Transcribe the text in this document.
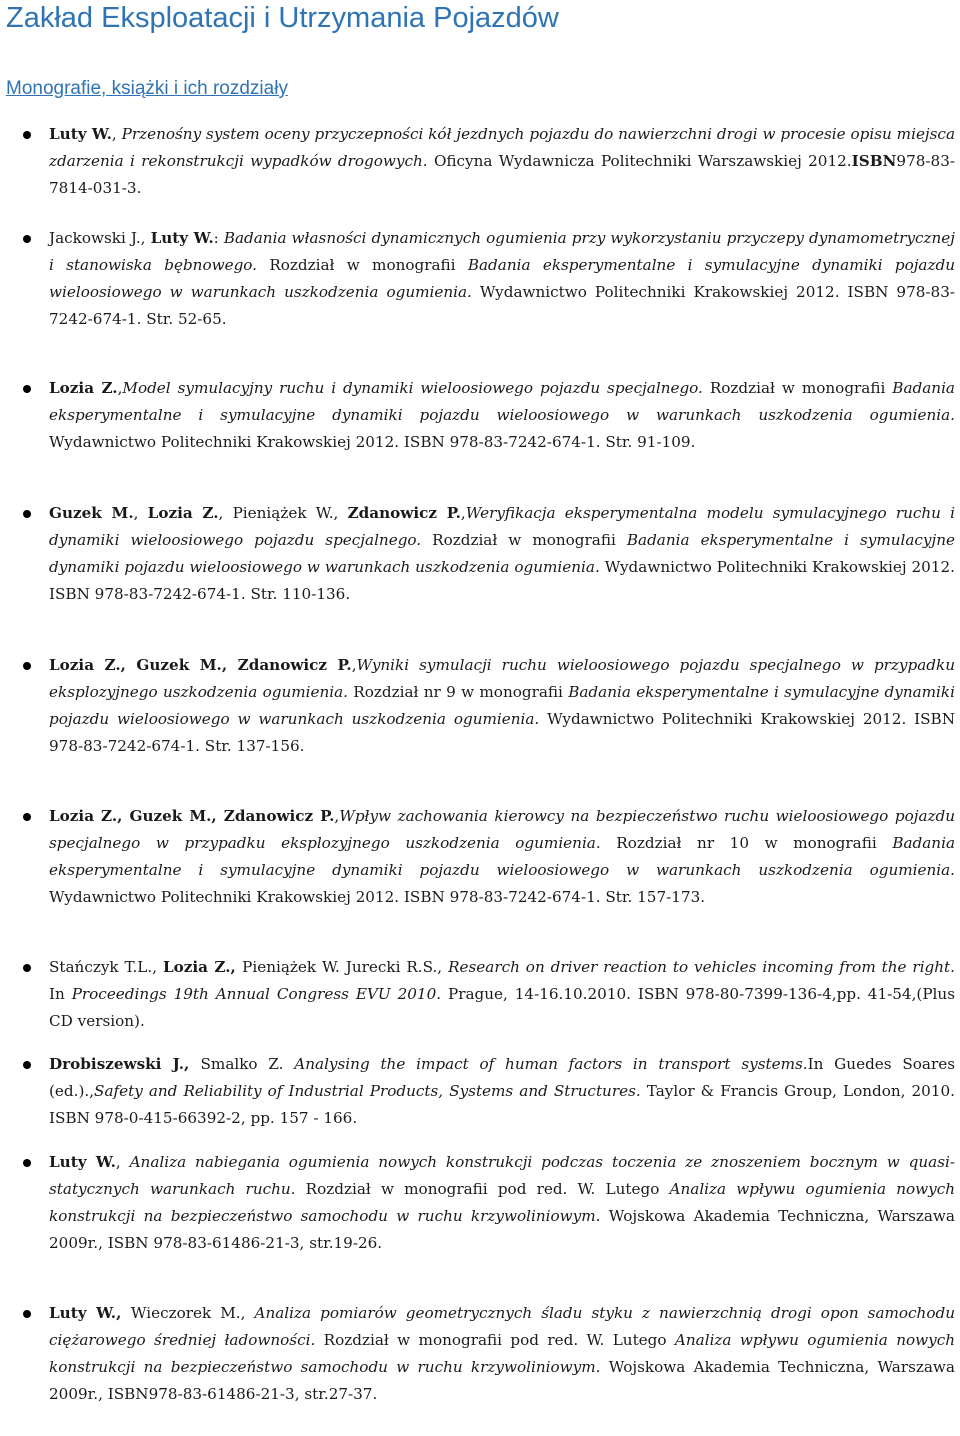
Zakład Eksploatacji i Utrzymania Pojazdów
Monografie, książki i ich rozdziały
Luty W., Przenośny system oceny przyczepności kół jezdnych pojazdu do nawierzchni drogi w procesie opisu miejsca zdarzenia i rekonstrukcji wypadków drogowych. Oficyna Wydawnicza Politechniki Warszawskiej 2012.ISBN978-83-7814-031-3.
Jackowski J., Luty W.: Badania własności dynamicznych ogumienia przy wykorzystaniu przyczepy dynamometrycznej i stanowiska bębnowego. Rozdział w monografii Badania eksperymentalne i symulacyjne dynamiki pojazdu wieloosiowego w warunkach uszkodzenia ogumienia. Wydawnictwo Politechniki Krakowskiej 2012. ISBN 978-83-7242-674-1. Str. 52-65.
Lozia Z.,Model symulacyjny ruchu i dynamiki wieloosiowego pojazdu specjalnego. Rozdział w monografii Badania eksperymentalne i symulacyjne dynamiki pojazdu wieloosiowego w warunkach uszkodzenia ogumienia. Wydawnictwo Politechniki Krakowskiej 2012. ISBN 978-83-7242-674-1. Str. 91-109.
Guzek M., Lozia Z., Pieniążek W., Zdanowicz P.,Weryfikacja eksperymentalna modelu symulacyjnego ruchu i dynamiki wieloosiowego pojazdu specjalnego. Rozdział w monografii Badania eksperymentalne i symulacyjne dynamiki pojazdu wieloosiowego w warunkach uszkodzenia ogumienia. Wydawnictwo Politechniki Krakowskiej 2012. ISBN 978-83-7242-674-1. Str. 110-136.
Lozia Z., Guzek M., Zdanowicz P.,Wyniki symulacji ruchu wieloosiowego pojazdu specjalnego w przypadku eksplozyjnego uszkodzenia ogumienia. Rozdział nr 9 w monografii Badania eksperymentalne i symulacyjne dynamiki pojazdu wieloosiowego w warunkach uszkodzenia ogumienia. Wydawnictwo Politechniki Krakowskiej 2012. ISBN 978-83-7242-674-1. Str. 137-156.
Lozia Z., Guzek M., Zdanowicz P.,Wpływ zachowania kierowcy na bezpieczeństwo ruchu wieloosiowego pojazdu specjalnego w przypadku eksplozyjnego uszkodzenia ogumienia. Rozdział nr 10 w monografii Badania eksperymentalne i symulacyjne dynamiki pojazdu wieloosiowego w warunkach uszkodzenia ogumienia. Wydawnictwo Politechniki Krakowskiej 2012. ISBN 978-83-7242-674-1. Str. 157-173.
Stańczyk T.L., Lozia Z., Pieniążek W. Jurecki R.S., Research on driver reaction to vehicles incoming from the right. In Proceedings 19th Annual Congress EVU 2010. Prague, 14-16.10.2010. ISBN 978-80-7399-136-4,pp. 41-54,(Plus CD version).
Drobiszewski J., Smalko Z. Analysing the impact of human factors in transport systems.In Guedes Soares (ed.).,Safety and Reliability of Industrial Products, Systems and Structures. Taylor & Francis Group, London, 2010. ISBN 978-0-415-66392-2, pp. 157 - 166.
Luty W., Analiza nabiegania ogumienia nowych konstrukcji podczas toczenia ze znoszeniem bocznym w quasi-statycznych warunkach ruchu. Rozdział w monografii pod red. W. Lutego Analiza wpływu ogumienia nowych konstrukcji na bezpieczeństwo samochodu w ruchu krzywoliniowym. Wojskowa Akademia Techniczna, Warszawa 2009r., ISBN 978-83-61486-21-3, str.19-26.
Luty W., Wieczorek M., Analiza pomiarów geometrycznych śladu styku z nawierzchnią drogi opon samochodu ciężarowego średniej ładowności. Rozdział w monografii pod red. W. Lutego Analiza wpływu ogumienia nowych konstrukcji na bezpieczeństwo samochodu w ruchu krzywoliniowym. Wojskowa Akademia Techniczna, Warszawa 2009r., ISBN978-83-61486-21-3, str.27-37.
